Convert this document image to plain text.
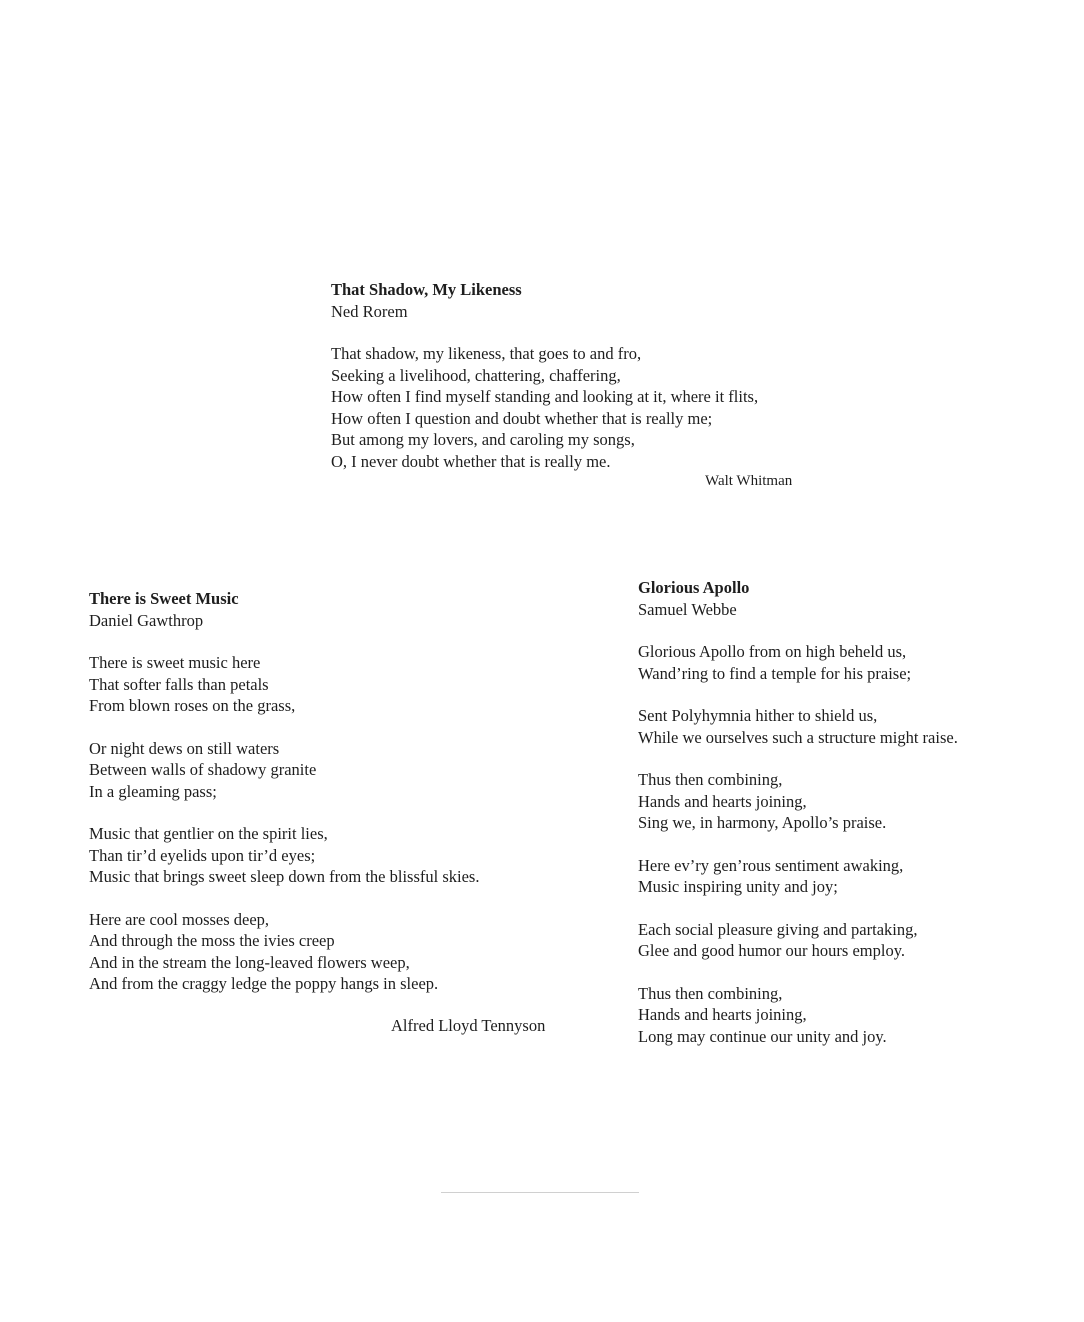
That Shadow, My Likeness
Ned Rorem
That shadow, my likeness, that goes to and fro,
Seeking a livelihood, chattering, chaffering,
How often I find myself standing and looking at it, where it flits,
How often I question and doubt whether that is really me;
But among my lovers, and caroling my songs,
O, I never doubt whether that is really me.
Walt Whitman
There is Sweet Music
Daniel Gawthrop
There is sweet music here
That softer falls than petals
From blown roses on the grass,
Or night dews on still waters
Between walls of shadowy granite
In a gleaming pass;
Music that gentlier on the spirit lies,
Than tir’d eyelids upon tir’d eyes;
Music that brings sweet sleep down from the blissful skies.
Here are cool mosses deep,
And through the moss the ivies creep
And in the stream the long-leaved flowers weep,
And from the craggy ledge the poppy hangs in sleep.
Alfred Lloyd Tennyson
Glorious Apollo
Samuel Webbe
Glorious Apollo from on high beheld us,
Wand’ring to find a temple for his praise;
Sent Polyhymnia hither to shield us,
While we ourselves such a structure might raise.
Thus then combining,
Hands and hearts joining,
Sing we, in harmony, Apollo’s praise.
Here ev’ry gen’rous sentiment awaking,
Music inspiring unity and joy;
Each social pleasure giving and partaking,
Glee and good humor our hours employ.
Thus then combining,
Hands and hearts joining,
Long may continue our unity and joy.
